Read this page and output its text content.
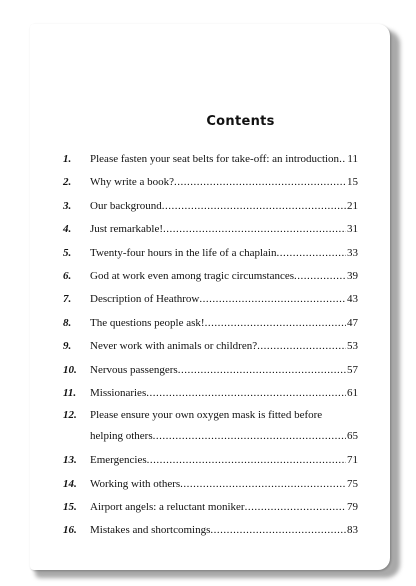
Contents
1.	Please fasten your seat belts for take-off: an introduction ..... 11
2.	Why write a book? .....	15
3.	Our background .....	21
4.	Just remarkable! .....	31
5.	Twenty-four hours in the life of a chaplain .....	33
6.	God at work even among tragic circumstances .....	39
7.	Description of Heathrow .....	43
8.	The questions people ask! .....	47
9.	Never work with animals or children? .....	53
10.	Nervous passengers .....	57
11.	Missionaries .....	61
12.	Please ensure your own oxygen mask is fitted before
helping others .....	65
13.	Emergencies .....	71
14.	Working with others .....	75
15.	Airport angels: a reluctant moniker .....	79
16.	Mistakes and shortcomings .....	83
